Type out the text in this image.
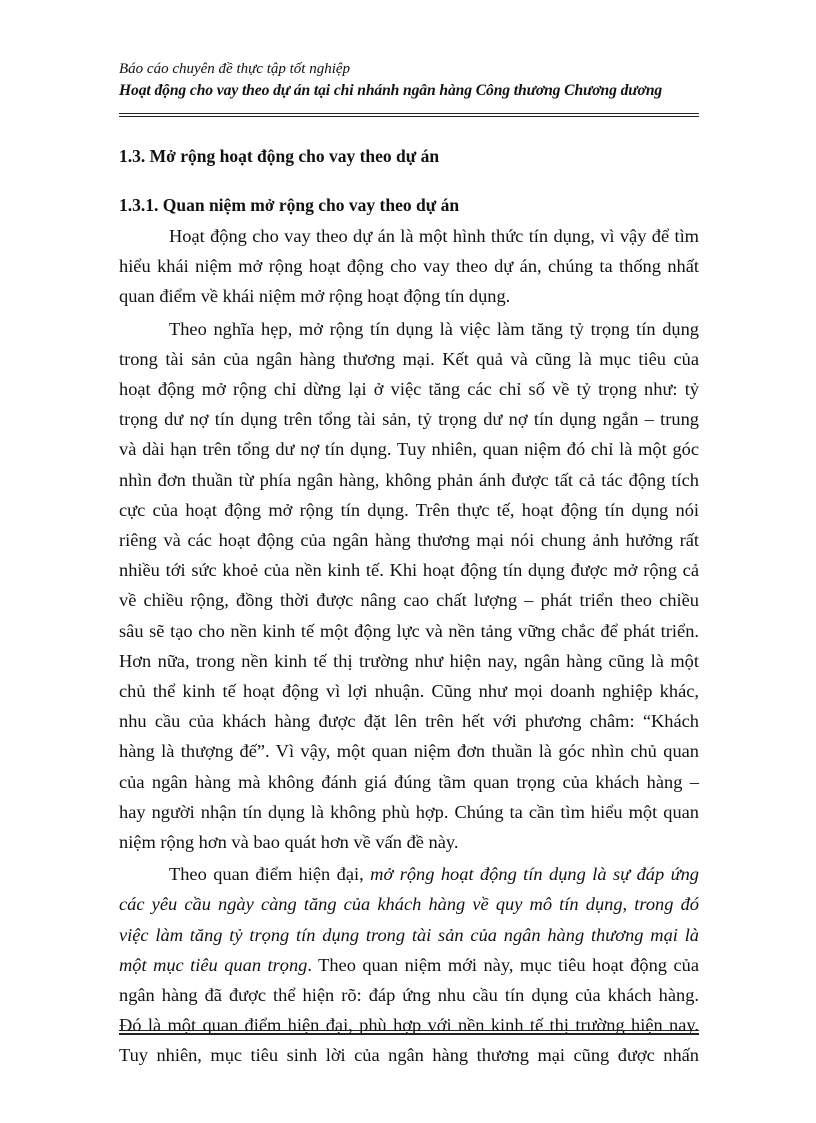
Báo cáo chuyên đề thực tập tốt nghiệp
Hoạt động cho vay theo dự án tại chi nhánh ngân hàng Công thương Chương dương
1.3. Mở rộng hoạt động cho vay theo dự án
1.3.1. Quan niệm mở rộng cho vay theo dự án

Hoạt động cho vay theo dự án là một hình thức tín dụng, vì vậy để tìm
hiểu khái niệm mở rộng hoạt động cho vay theo dự án, chúng ta thống nhất
quan điểm về khái niệm mở rộng hoạt động tín dụng.

Theo nghĩa hẹp, mở rộng tín dụng là việc làm tăng tỷ trọng tín dụng
trong tài sản của ngân hàng thương mại. Kết quả và cũng là mục tiêu của
hoạt động mở rộng chỉ dừng lại ở việc tăng các chỉ số về tỷ trọng như: tỷ
trọng dư nợ tín dụng trên tổng tài sản, tỷ trọng dư nợ tín dụng ngắn – trung
và dài hạn trên tổng dư nợ tín dụng. Tuy nhiên, quan niệm đó chỉ là một góc
nhìn đơn thuần từ phía ngân hàng, không phản ánh được tất cả tác động tích
cực của hoạt động mở rộng tín dụng. Trên thực tế, hoạt động tín dụng nói
riêng và các hoạt động của ngân hàng thương mại nói chung ảnh hưởng rất
nhiều tới sức khoẻ của nền kinh tế. Khi hoạt động tín dụng được mở rộng cả
về chiều rộng, đồng thời được nâng cao chất lượng – phát triển theo chiều
sâu sẽ tạo cho nền kinh tế một động lực và nền tảng vững chắc để phát triển.
Hơn nữa, trong nền kinh tế thị trường như hiện nay, ngân hàng cũng là một
chủ thể kinh tế hoạt động vì lợi nhuận. Cũng như mọi doanh nghiệp khác,
nhu cầu của khách hàng được đặt lên trên hết với phương châm: “Khách
hàng là thượng đế”. Vì vậy, một quan niệm đơn thuần là góc nhìn chủ quan
của ngân hàng mà không đánh giá đúng tầm quan trọng của khách hàng –
hay người nhận tín dụng là không phù hợp. Chúng ta cần tìm hiểu một quan
niệm rộng hơn và bao quát hơn về vấn đề này.

Theo quan điểm hiện đại, mở rộng hoạt động tín dụng là sự đáp ứng
các yêu cầu ngày càng tăng của khách hàng về quy mô tín dụng, trong đó
việc làm tăng tỷ trọng tín dụng trong tài sản của ngân hàng thương mại là
một mục tiêu quan trọng. Theo quan niệm mới này, mục tiêu hoạt động của
ngân hàng đã được thể hiện rõ: đáp ứng nhu cầu tín dụng của khách hàng.
Đó là một quan điểm hiện đại, phù hợp với nền kinh tế thị trường hiện nay.
Tuy nhiên, mục tiêu sinh lời của ngân hàng thương mại cũng được nhấn
